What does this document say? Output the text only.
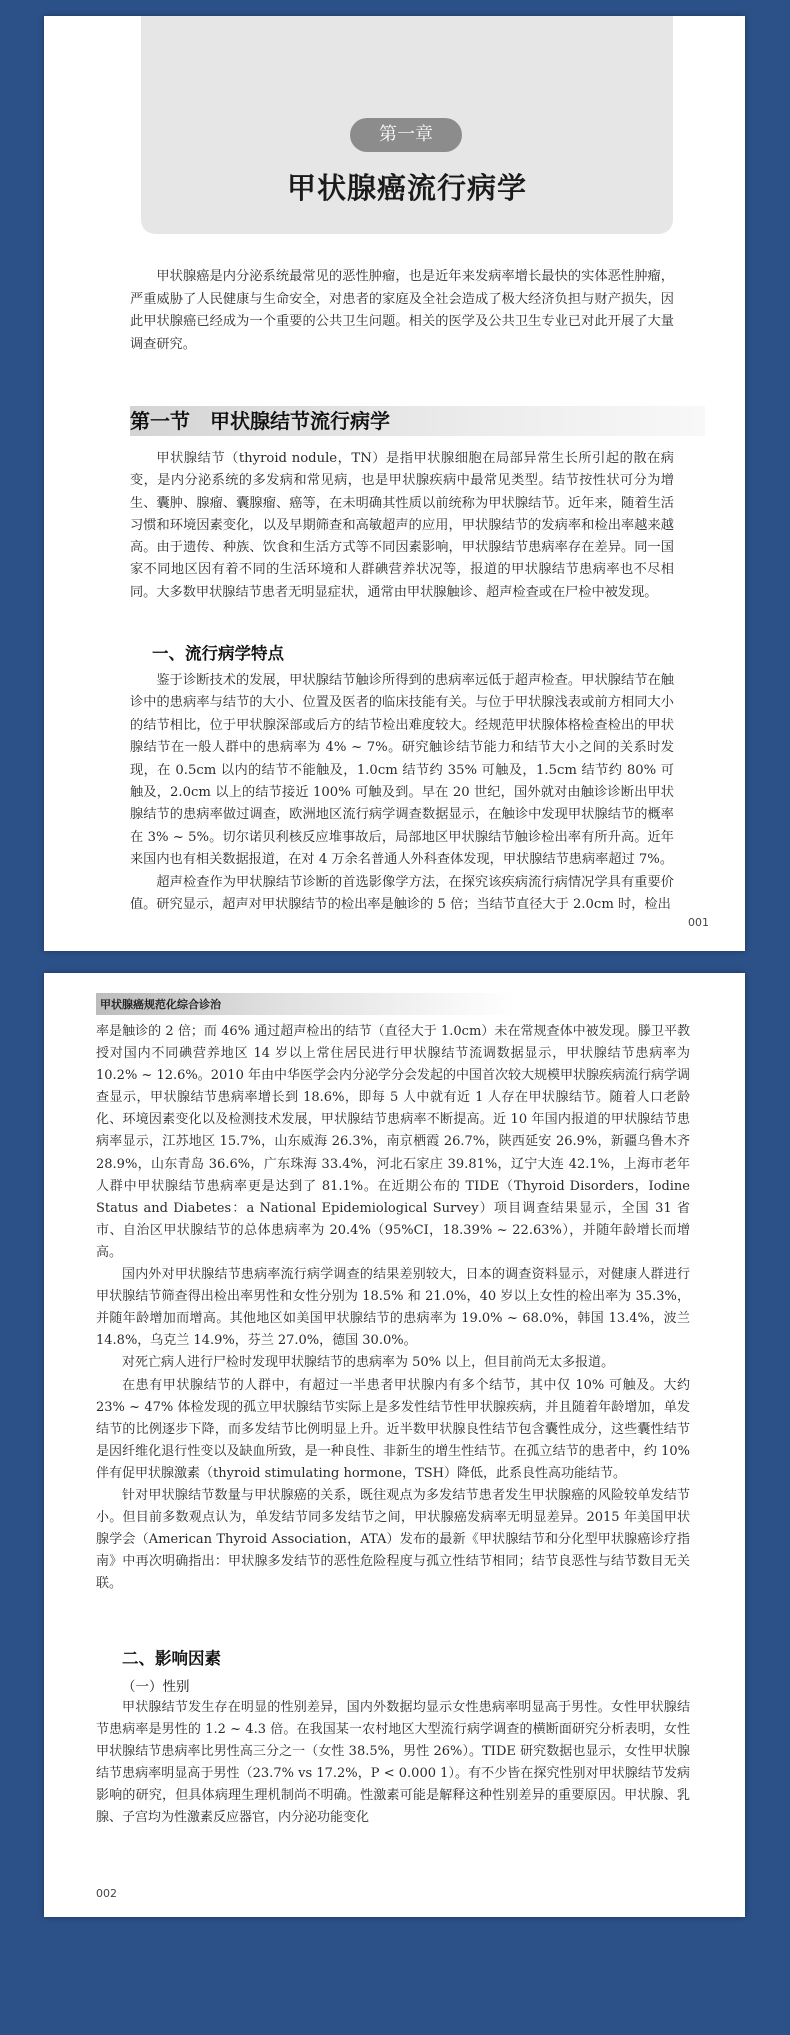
第一章
甲状腺癌流行病学

甲状腺癌是内分泌系统最常见的恶性肿瘤，也是近年来发病率增长最快的实体恶性肿瘤，严重威胁了人民健康与生命安全，对患者的家庭及全社会造成了极大经济负担与财产损失，因此甲状腺癌已经成为一个重要的公共卫生问题。相关的医学及公共卫生专业已对此开展了大量调查研究。

第一节　甲状腺结节流行病学

甲状腺结节（thyroid nodule，TN）是指甲状腺细胞在局部异常生长所引起的散在病变，是内分泌系统的多发病和常见病，也是甲状腺疾病中最常见类型。结节按性状可分为增生、囊肿、腺瘤、囊腺瘤、癌等，在未明确其性质以前统称为甲状腺结节。近年来，随着生活习惯和环境因素变化，以及早期筛查和高敏超声的应用，甲状腺结节的发病率和检出率越来越高。由于遗传、种族、饮食和生活方式等不同因素影响，甲状腺结节患病率存在差异。同一国家不同地区因有着不同的生活环境和人群碘营养状况等，报道的甲状腺结节患病率也不尽相同。大多数甲状腺结节患者无明显症状，通常由甲状腺触诊、超声检查或在尸检中被发现。

一、流行病学特点

鉴于诊断技术的发展，甲状腺结节触诊所得到的患病率远低于超声检查。甲状腺结节在触诊中的患病率与结节的大小、位置及医者的临床技能有关。与位于甲状腺浅表或前方相同大小的结节相比，位于甲状腺深部或后方的结节检出难度较大。经规范甲状腺体格检查检出的甲状腺结节在一般人群中的患病率为 4% ~ 7%。研究触诊结节能力和结节大小之间的关系时发现，在 0.5cm 以内的结节不能触及，1.0cm 结节约 35% 可触及，1.5cm 结节约 80% 可触及，2.0cm 以上的结节接近 100% 可触及到。早在 20 世纪，国外就对由触诊诊断出甲状腺结节的患病率做过调查，欧洲地区流行病学调查数据显示，在触诊中发现甲状腺结节的概率在 3% ~ 5%。切尔诺贝利核反应堆事故后，局部地区甲状腺结节触诊检出率有所升高。近年来国内也有相关数据报道，在对 4 万余名普通人外科查体发现，甲状腺结节患病率超过 7%。

超声检查作为甲状腺结节诊断的首选影像学方法，在探究该疾病流行病情况学具有重要价值。研究显示，超声对甲状腺结节的检出率是触诊的 5 倍；当结节直径大于 2.0cm 时，检出

001
甲状腺癌规范化综合诊治

率是触诊的 2 倍；而 46% 通过超声检出的结节（直径大于 1.0cm）未在常规查体中被发现。滕卫平教授对国内不同碘营养地区 14 岁以上常住居民进行甲状腺结节流调数据显示，甲状腺结节患病率为 10.2% ~ 12.6%。2010 年由中华医学会内分泌学分会发起的中国首次较大规模甲状腺疾病流行病学调查显示，甲状腺结节患病率增长到 18.6%，即每 5 人中就有近 1 人存在甲状腺结节。随着人口老龄化、环境因素变化以及检测技术发展，甲状腺结节患病率不断提高。近 10 年国内报道的甲状腺结节患病率显示，江苏地区 15.7%，山东威海 26.3%，南京栖霞 26.7%，陕西延安 26.9%，新疆乌鲁木齐 28.9%，山东青岛 36.6%，广东珠海 33.4%，河北石家庄 39.81%，辽宁大连 42.1%，上海市老年人群中甲状腺结节患病率更是达到了 81.1%。在近期公布的 TIDE（Thyroid Disorders，Iodine Status and Diabetes：a National Epidemiological Survey）项目调查结果显示，全国 31 省市、自治区甲状腺结节的总体患病率为 20.4%（95%CI，18.39% ~ 22.63%），并随年龄增长而增高。

国内外对甲状腺结节患病率流行病学调查的结果差别较大，日本的调查资料显示，对健康人群进行甲状腺结节筛查得出检出率男性和女性分别为 18.5% 和 21.0%，40 岁以上女性的检出率为 35.3%，并随年龄增加而增高。其他地区如美国甲状腺结节的患病率为 19.0% ~ 68.0%，韩国 13.4%，波兰 14.8%，乌克兰 14.9%，芬兰 27.0%，德国 30.0%。

对死亡病人进行尸检时发现甲状腺结节的患病率为 50% 以上，但目前尚无太多报道。

在患有甲状腺结节的人群中，有超过一半患者甲状腺内有多个结节，其中仅 10% 可触及。大约 23% ~ 47% 体检发现的孤立甲状腺结节实际上是多发性结节性甲状腺疾病，并且随着年龄增加，单发结节的比例逐步下降，而多发结节比例明显上升。近半数甲状腺良性结节包含囊性成分，这些囊性结节是因纤维化退行性变以及缺血所致，是一种良性、非新生的增生性结节。在孤立结节的患者中，约 10% 伴有促甲状腺激素（thyroid stimulating hormone，TSH）降低，此系良性高功能结节。

针对甲状腺结节数量与甲状腺癌的关系，既往观点为多发结节患者发生甲状腺癌的风险较单发结节小。但目前多数观点认为，单发结节同多发结节之间，甲状腺癌发病率无明显差异。2015 年美国甲状腺学会（American Thyroid Association，ATA）发布的最新《甲状腺结节和分化型甲状腺癌诊疗指南》中再次明确指出：甲状腺多发结节的恶性危险程度与孤立性结节相同；结节良恶性与结节数目无关联。

二、影响因素
（一）性别

甲状腺结节发生存在明显的性别差异，国内外数据均显示女性患病率明显高于男性。女性甲状腺结节患病率是男性的 1.2 ~ 4.3 倍。在我国某一农村地区大型流行病学调查的横断面研究分析表明，女性甲状腺结节患病率比男性高三分之一（女性 38.5%，男性 26%）。TIDE 研究数据也显示，女性甲状腺结节患病率明显高于男性（23.7% vs 17.2%，P < 0.000 1）。有不少皆在探究性别对甲状腺结节发病影响的研究，但具体病理生理机制尚不明确。性激素可能是解释这种性别差异的重要原因。甲状腺、乳腺、子宫均为性激素反应器官，内分泌功能变化

002
